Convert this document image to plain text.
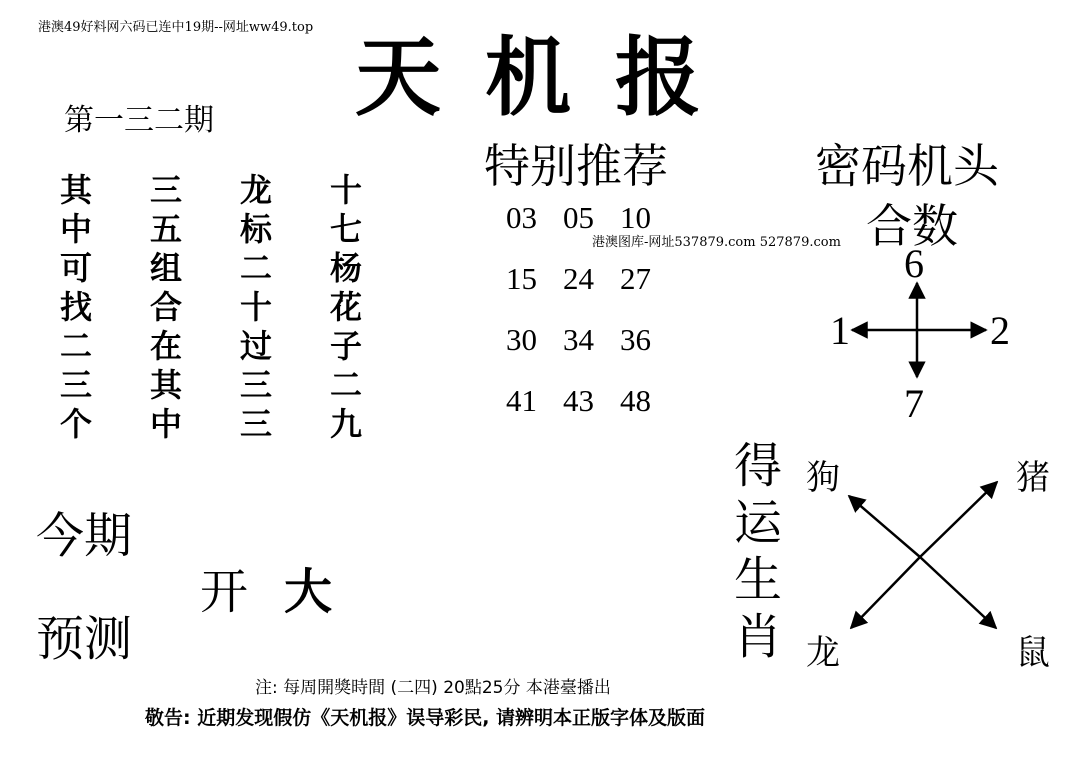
港澳49好料网六码已连中19期--网址ww49.top 天机报
第一三二期
其	三	龙	十
中	五	标	七
可	组	二	杨
找	合	十	花
二	在	过	子
三	其	三	二
个	中	三	九
特别推荐
03 05 10
15 24 27
30 34 36
41 43 48
密码机头
合数
港澳图库-网址537879.com 527879.com 6
1	2
7
今期
预测
开 大
得
运
生
肖
狗	猪
龙	鼠
注: 每周開獎時間 (二四) 20點25分 本港臺播出
敬告: 近期发现假仿《天机报》误导彩民, 请辨明本正版字体及版面
